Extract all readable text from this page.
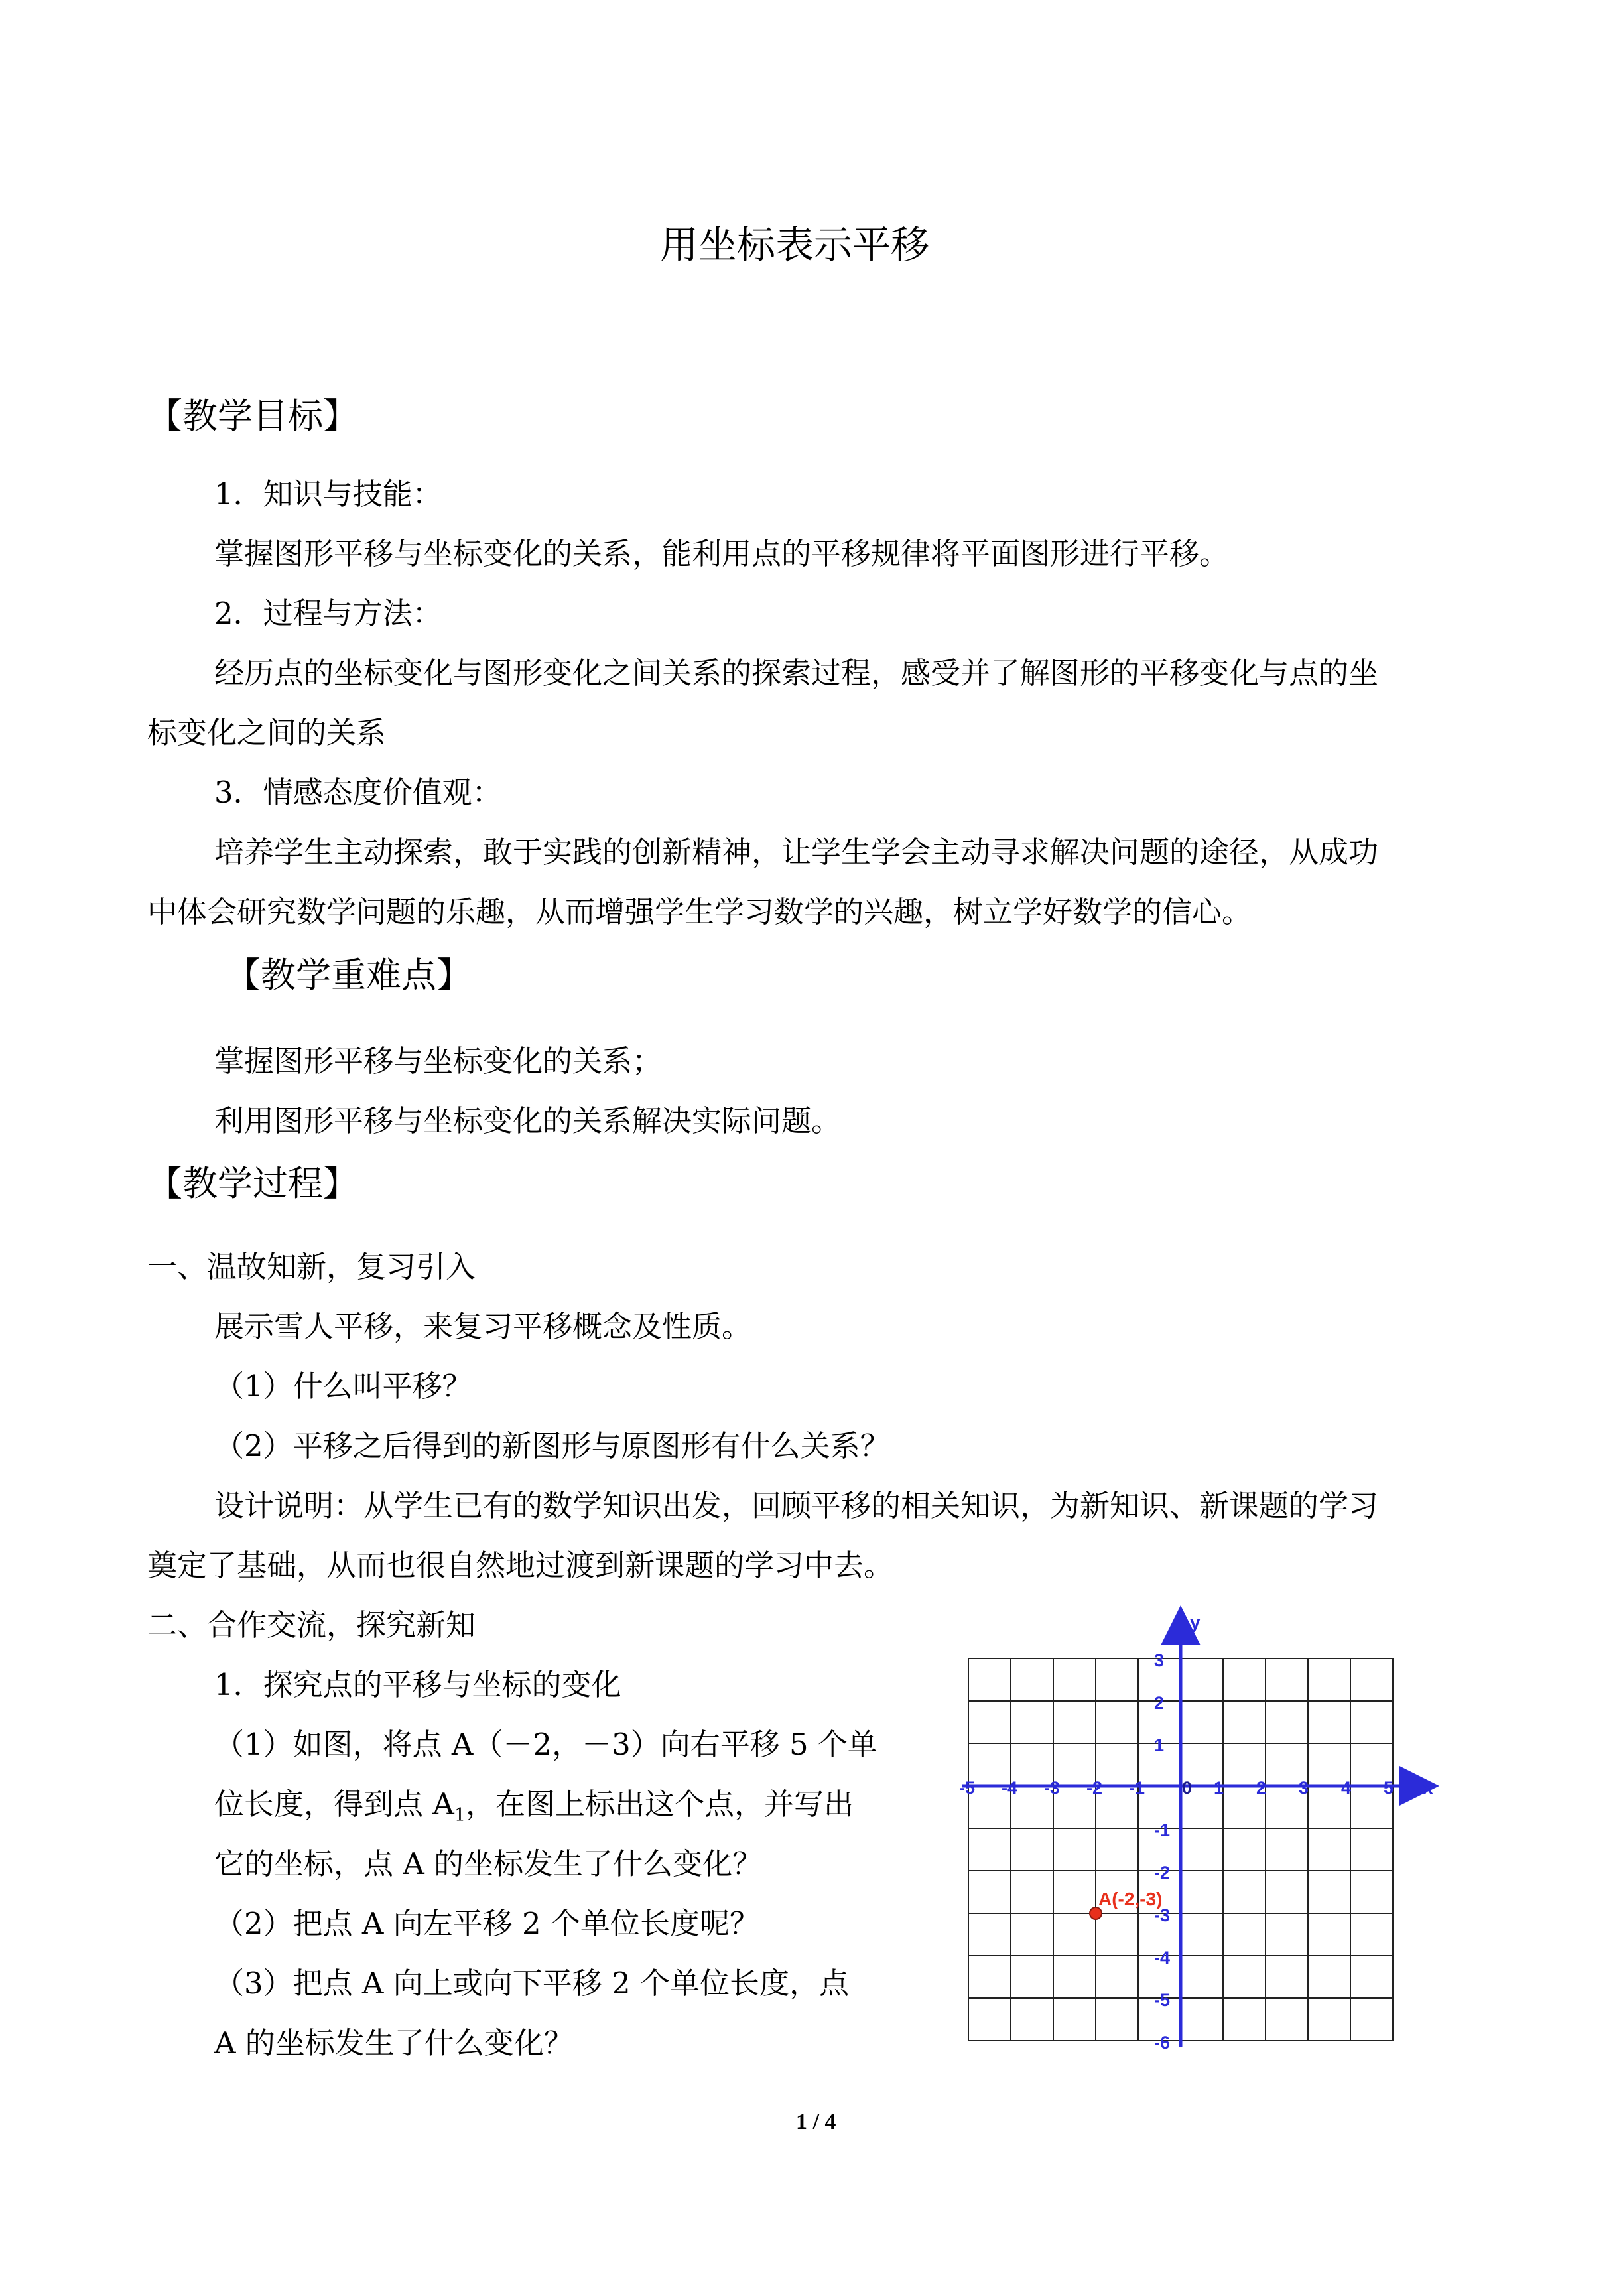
用坐标表示平移
【教学目标】
1．知识与技能：
掌握图形平移与坐标变化的关系，能利用点的平移规律将平面图形进行平移。
2．过程与方法：
经历点的坐标变化与图形变化之间关系的探索过程，感受并了解图形的平移变化与点的坐
标变化之间的关系
3．情感态度价值观：
培养学生主动探索，敢于实践的创新精神，让学生学会主动寻求解决问题的途径，从成功
中体会研究数学问题的乐趣，从而增强学生学习数学的兴趣，树立学好数学的信心。
【教学重难点】
掌握图形平移与坐标变化的关系；
利用图形平移与坐标变化的关系解决实际问题。
【教学过程】
一、温故知新，复习引入
展示雪人平移，来复习平移概念及性质。
（1）什么叫平移？
（2）平移之后得到的新图形与原图形有什么关系？
设计说明：从学生已有的数学知识出发，回顾平移的相关知识，为新知识、新课题的学习
奠定了基础，从而也很自然地过渡到新课题的学习中去。
二、合作交流，探究新知
1．探究点的平移与坐标的变化
（1）如图，将点 A（－2，－3）向右平移 5 个单
位长度，得到点 $A_1$，在图上标出这个点，并写出
它的坐标，点 A 的坐标发生了什么变化？
（2）把点 A 向左平移 2 个单位长度呢？
（3）把点 A 向上或向下平移 2 个单位长度，点
A 的坐标发生了什么变化？
x
y
-5 -4 -3 -2 -1 0 1 2 3 4 5
3
2
1
-1
-2
-3
-4
-5
-6
A(-2,-3)
1 / 4
